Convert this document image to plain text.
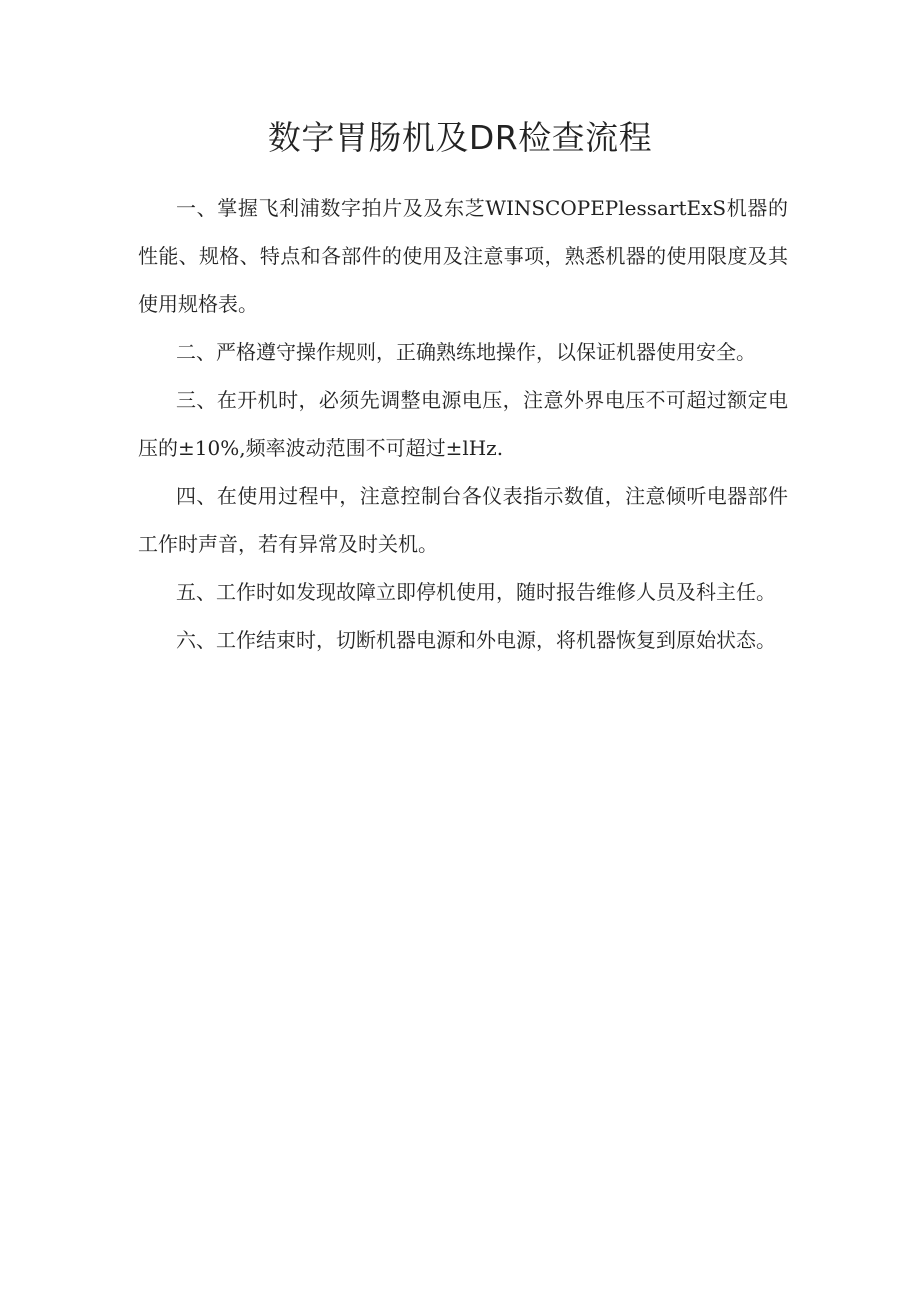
数字胃肠机及DR检查流程

一、掌握飞利浦数字拍片及及东芝WINSCOPEPlessartExS机器的性能、规格、特点和各部件的使用及注意事项，熟悉机器的使用限度及其使用规格表。

二、严格遵守操作规则，正确熟练地操作，以保证机器使用安全。

三、在开机时，必须先调整电源电压，注意外界电压不可超过额定电压的±10%,频率波动范围不可超过±lHz.

四、在使用过程中，注意控制台各仪表指示数值，注意倾听电器部件工作时声音，若有异常及时关机。

五、工作时如发现故障立即停机使用，随时报告维修人员及科主任。

六、工作结束时，切断机器电源和外电源，将机器恢复到原始状态。
